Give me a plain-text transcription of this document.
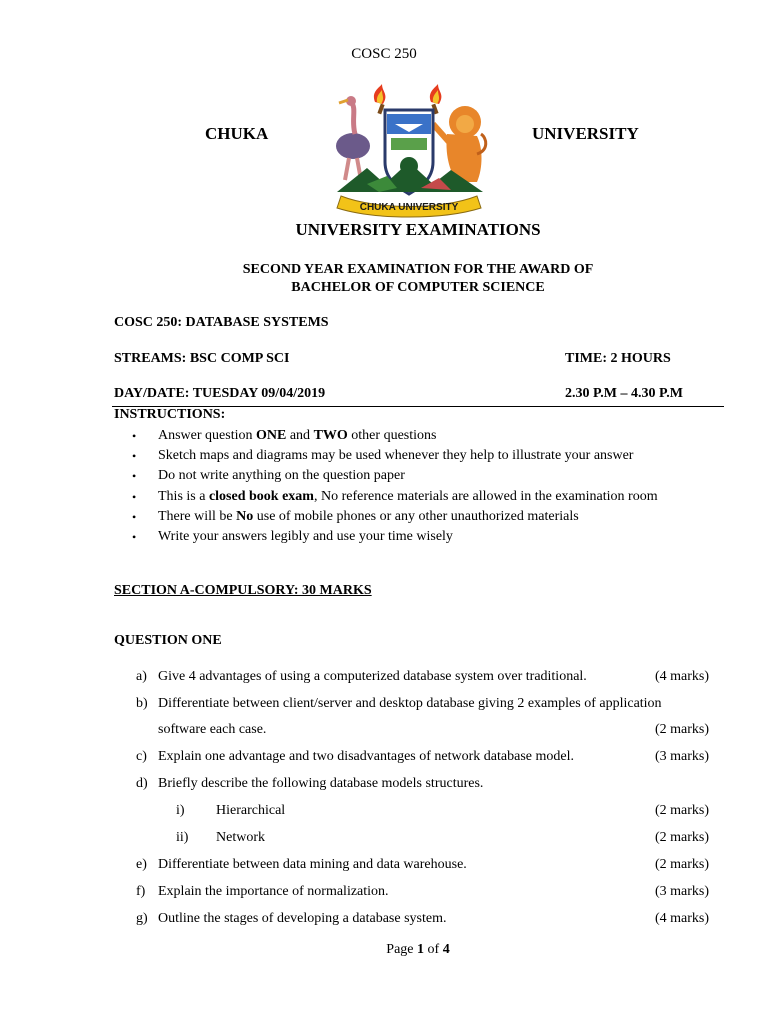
COSC 250
CHUKA	UNIVERSITY
CHUKA UNIVERSITY
UNIVERSITY EXAMINATIONS
SECOND YEAR EXAMINATION FOR THE AWARD OF
BACHELOR OF COMPUTER SCIENCE
COSC 250: DATABASE SYSTEMS
STREAMS: BSC COMP SCI	TIME: 2 HOURS
DAY/DATE: TUESDAY 09/04/2019	2.30 P.M – 4.30 P.M
INSTRUCTIONS:
• Answer question ONE and TWO other questions
• Sketch maps and diagrams may be used whenever they help to illustrate your answer
• Do not write anything on the question paper
• This is a closed book exam, No reference materials are allowed in the examination room
• There will be No use of mobile phones or any other unauthorized materials
• Write your answers legibly and use your time wisely
SECTION A-COMPULSORY: 30 MARKS
QUESTION ONE
a) Give 4 advantages of using a computerized database system over traditional.	(4 marks)
b) Differentiate between client/server and desktop database giving 2 examples of application
software each case.	(2 marks)
c) Explain one advantage and two disadvantages of network database model.	(3 marks)
d) Briefly describe the following database models structures.
i) Hierarchical	(2 marks)
ii) Network	(2 marks)
e) Differentiate between data mining and data warehouse.	(2 marks)
f) Explain the importance of normalization.	(3 marks)
g) Outline the stages of developing a database system.	(4 marks)
Page 1 of 4
